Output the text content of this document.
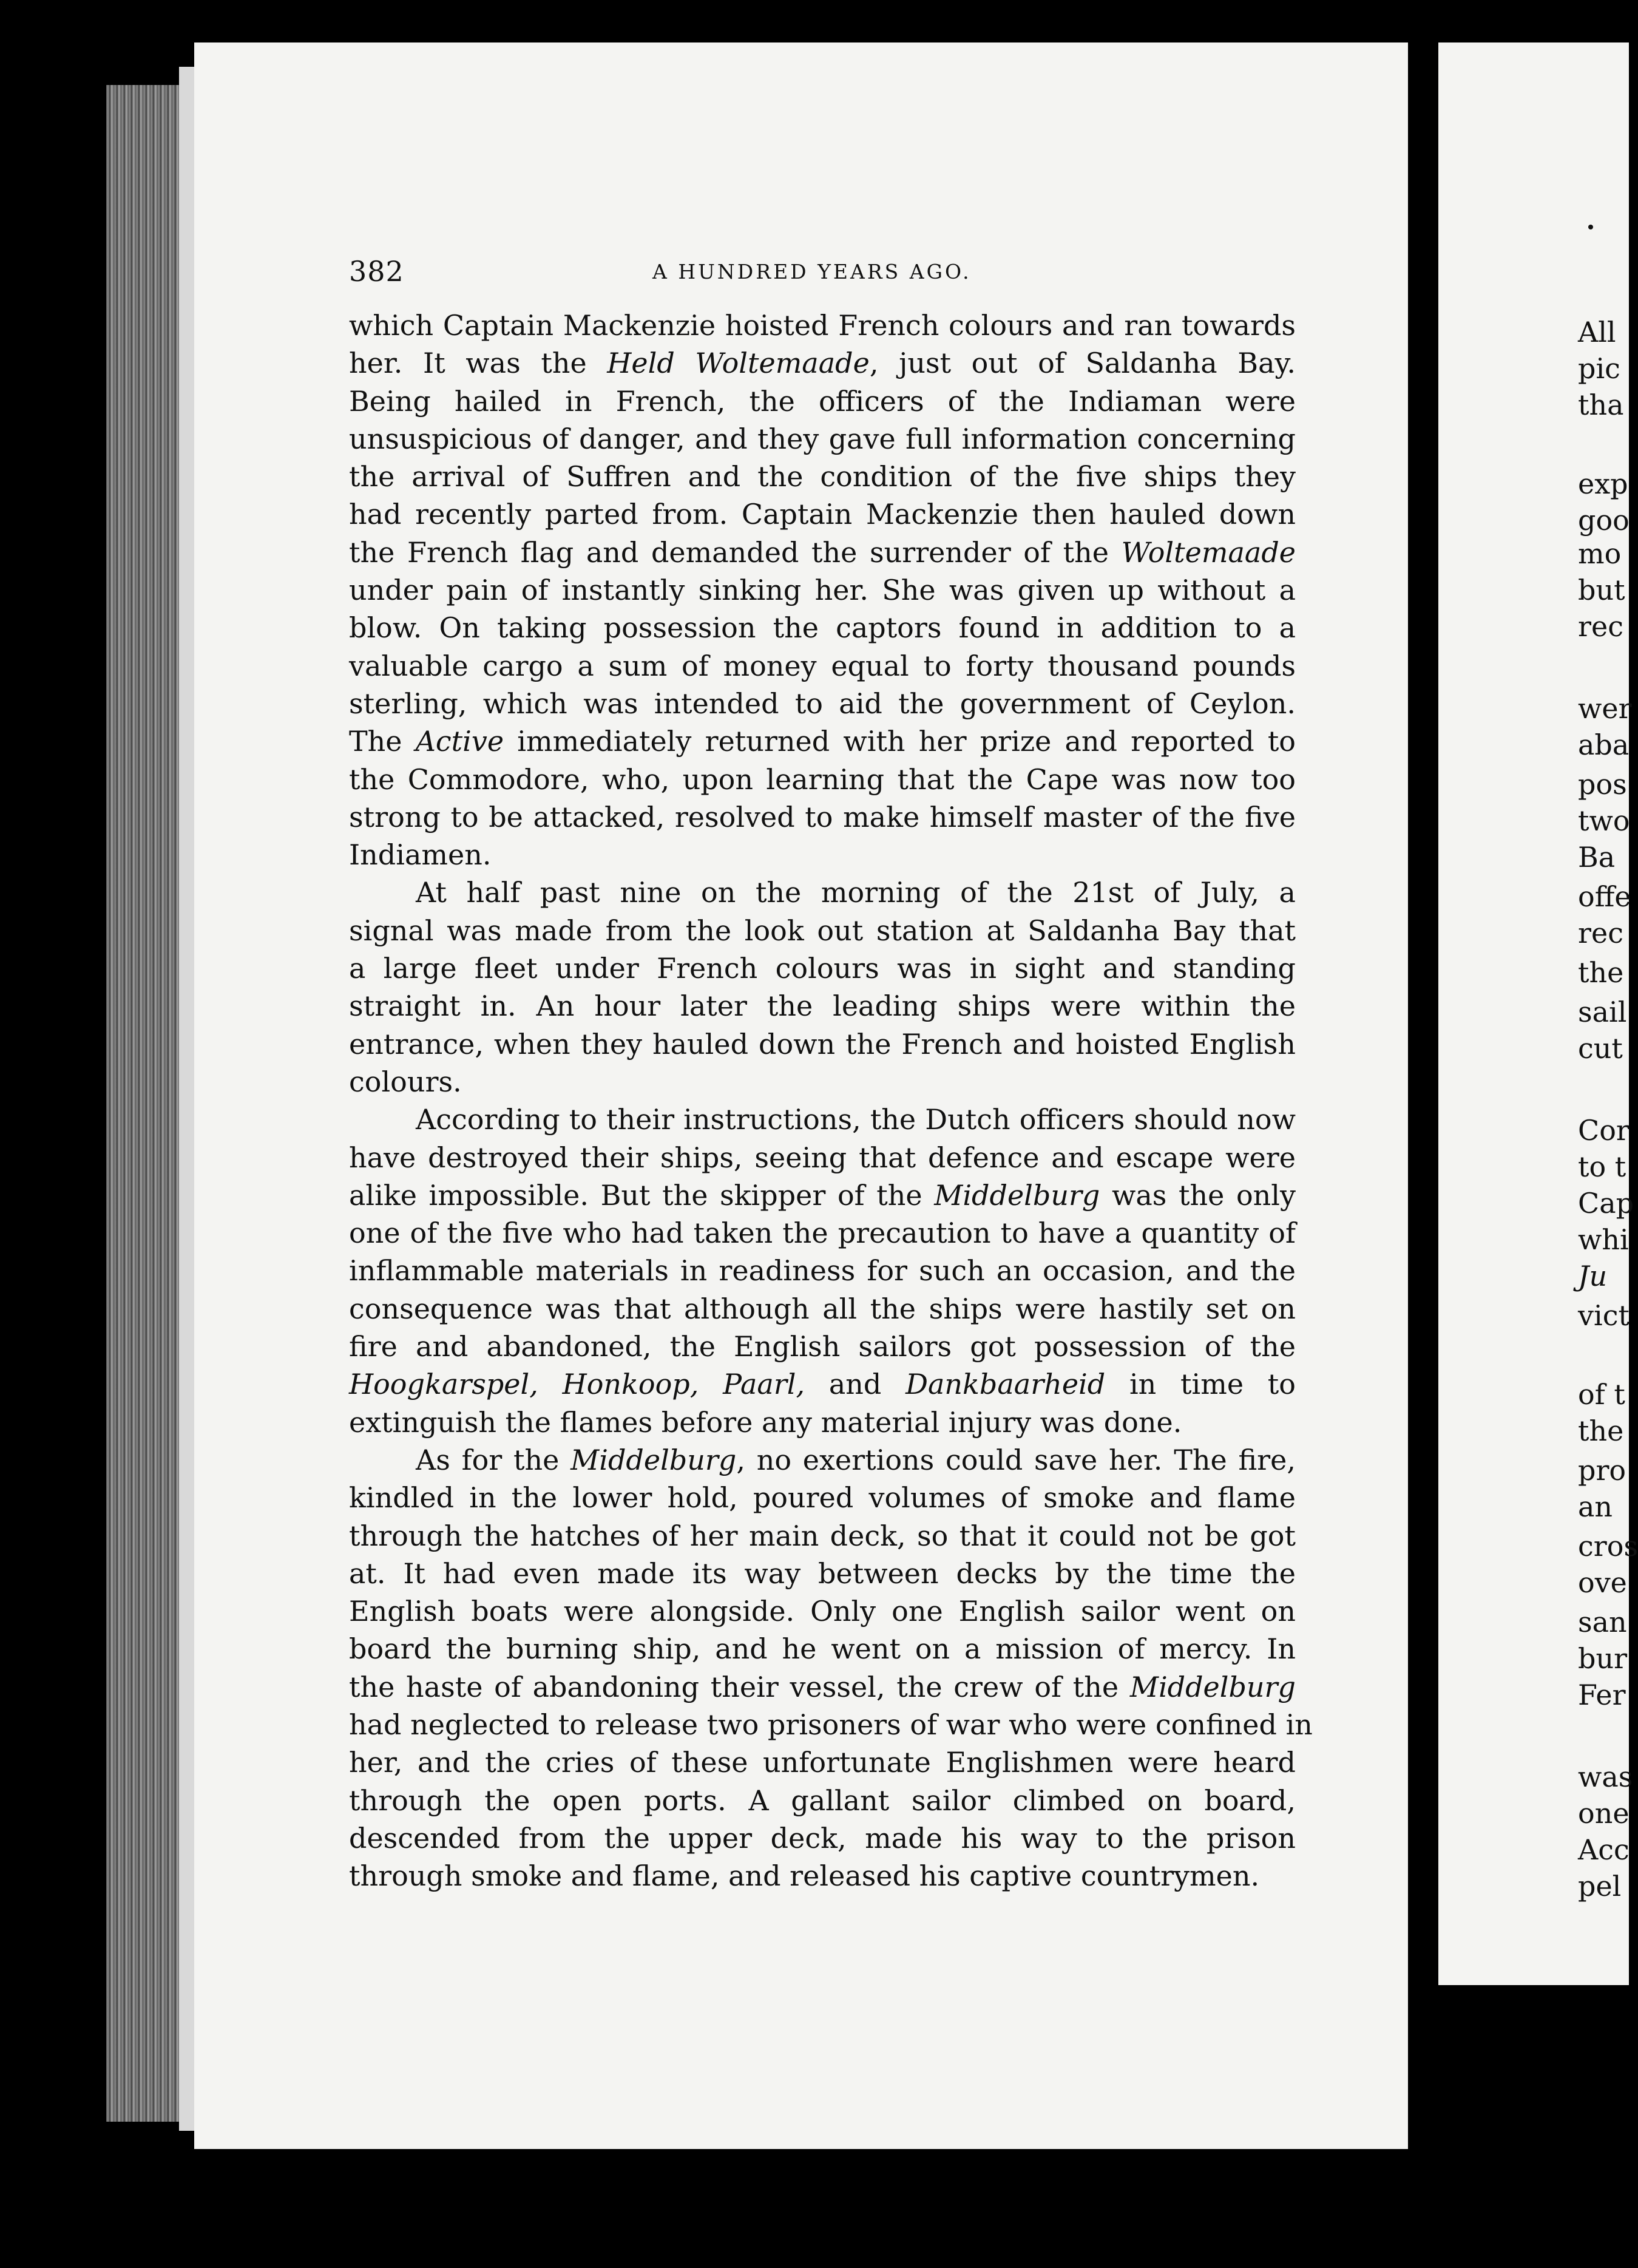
382	A HUNDRED YEARS AGO.
which Captain Mackenzie hoisted French colours and ran towards
her. It was the Held Woltemaade, just out of Saldanha Bay.
Being hailed in French, the officers of the Indiaman were
unsuspicious of danger, and they gave full information concerning
the arrival of Suffren and the condition of the five ships they
had recently parted from. Captain Mackenzie then hauled down
the French flag and demanded the surrender of the Woltemaade
under pain of instantly sinking her. She was given up without a
blow. On taking possession the captors found in addition to a
valuable cargo a sum of money equal to forty thousand pounds
sterling, which was intended to aid the government of Ceylon.
The Active immediately returned with her prize and reported to
the Commodore, who, upon learning that the Cape was now too
strong to be attacked, resolved to make himself master of the five
Indiamen.
At half past nine on the morning of the 21st of July, a
signal was made from the look out station at Saldanha Bay that
a large fleet under French colours was in sight and standing
straight in. An hour later the leading ships were within the
entrance, when they hauled down the French and hoisted English
colours.
According to their instructions, the Dutch officers should now
have destroyed their ships, seeing that defence and escape were
alike impossible. But the skipper of the Middelburg was the only
one of the five who had taken the precaution to have a quantity of
inflammable materials in readiness for such an occasion, and the
consequence was that although all the ships were hastily set on
fire and abandoned, the English sailors got possession of the
Hoogkarspel, Honkoop, Paarl, and Dankbaarheid in time to
extinguish the flames before any material injury was done.
As for the Middelburg, no exertions could save her. The fire,
kindled in the lower hold, poured volumes of smoke and flame
through the hatches of her main deck, so that it could not be got
at. It had even made its way between decks by the time the
English boats were alongside. Only one English sailor went on
board the burning ship, and he went on a mission of mercy. In
the haste of abandoning their vessel, the crew of the Middelburg
had neglected to release two prisoners of war who were confined in
her, and the cries of these unfortunate Englishmen were heard
through the open ports. A gallant sailor climbed on board,
descended from the upper deck, made his way to the prison
through smoke and flame, and released his captive countrymen.
All
pic
tha
exp
goo
mo
but
rec
wer
aba
pos
two
Ba
offe
rec
the
sail
cut
Cor
to t
Cap
whi
Ju
vict
of t
the
pro
an
cros
ove
san
bur
Fer
was
one
Acc
pel
